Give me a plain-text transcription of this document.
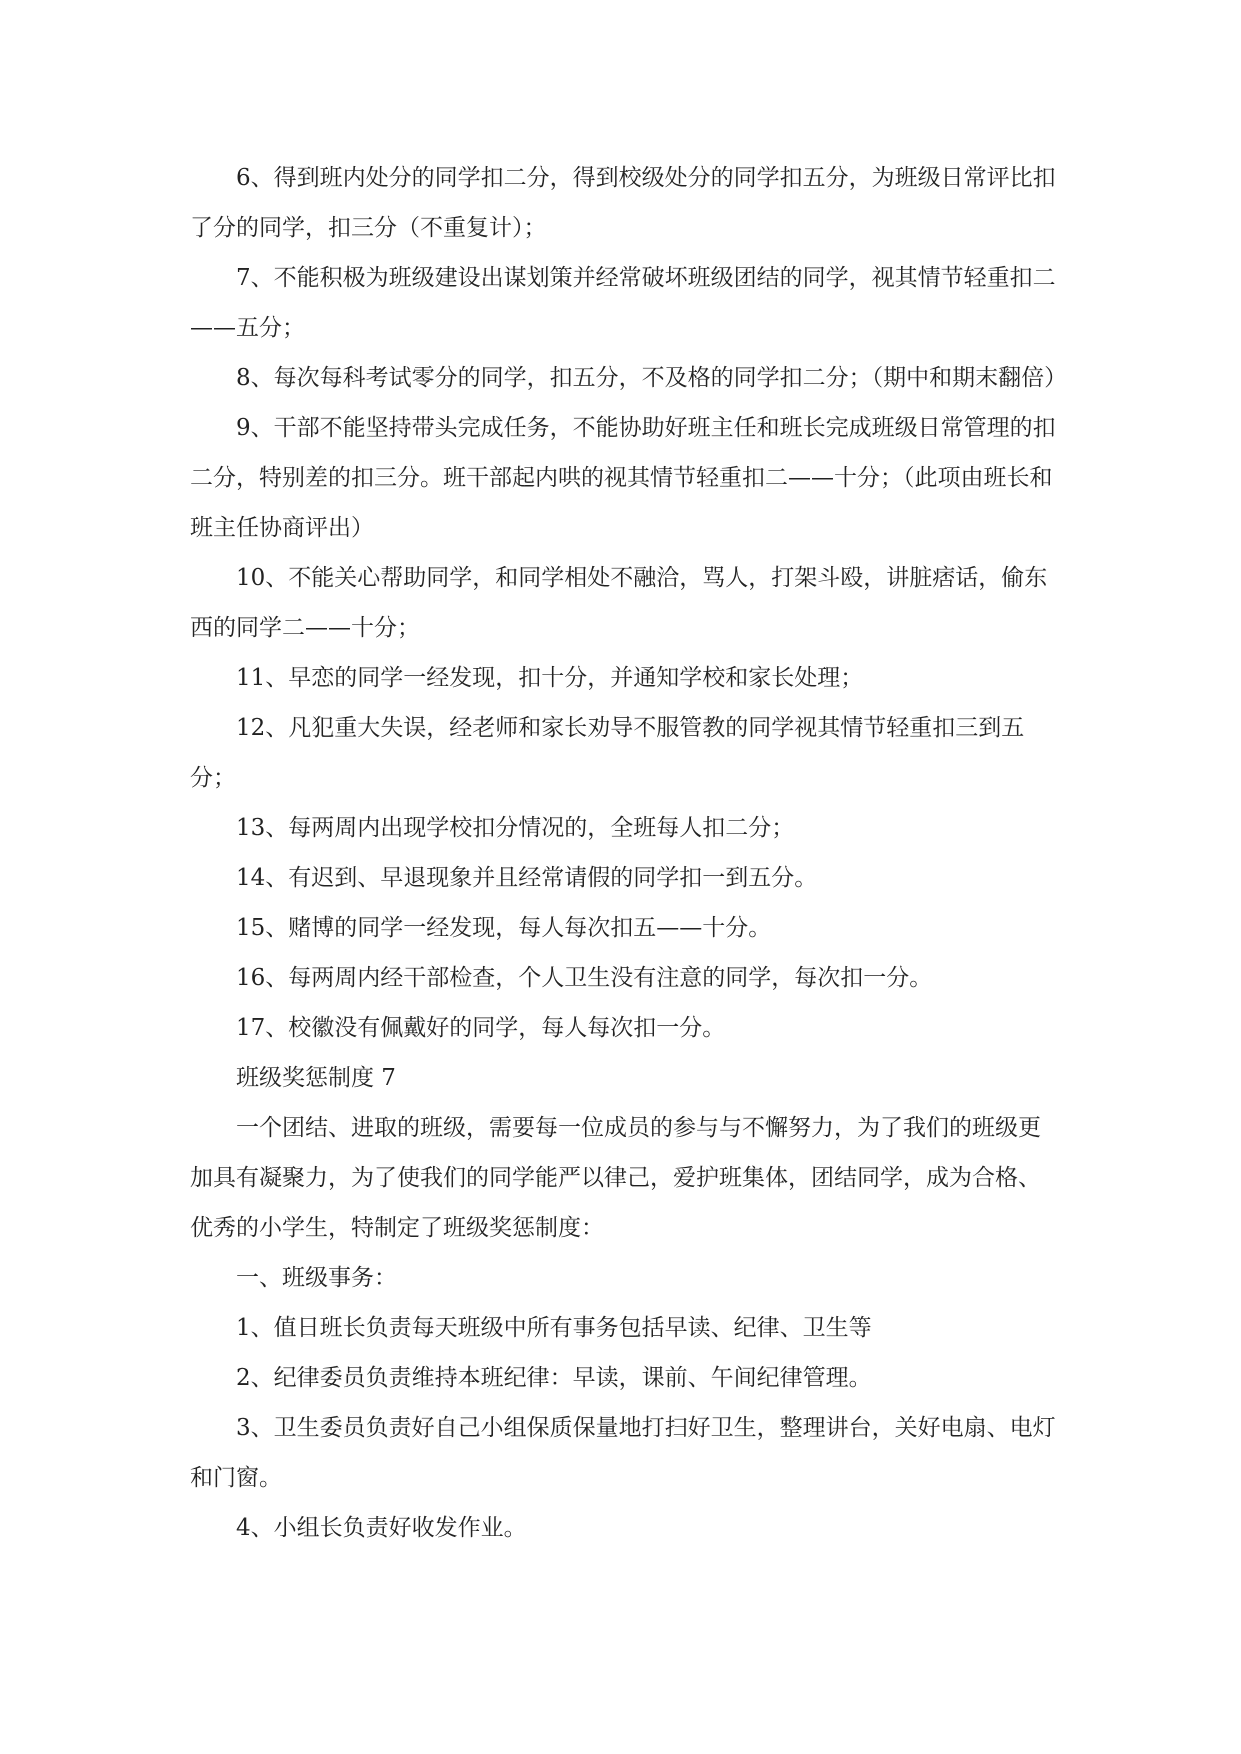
6、得到班内处分的同学扣二分，得到校级处分的同学扣五分，为班级日常评比扣了分的同学，扣三分（不重复计）；

7、不能积极为班级建设出谋划策并经常破坏班级团结的同学，视其情节轻重扣二——五分；

8、每次每科考试零分的同学，扣五分，不及格的同学扣二分；（期中和期末翻倍）

9、干部不能坚持带头完成任务，不能协助好班主任和班长完成班级日常管理的扣二分，特别差的扣三分。班干部起内哄的视其情节轻重扣二——十分；（此项由班长和班主任协商评出）

10、不能关心帮助同学，和同学相处不融洽，骂人，打架斗殴，讲脏痞话，偷东西的同学二——十分；

11、早恋的同学一经发现，扣十分，并通知学校和家长处理；

12、凡犯重大失误，经老师和家长劝导不服管教的同学视其情节轻重扣三到五分；

13、每两周内出现学校扣分情况的，全班每人扣二分；

14、有迟到、早退现象并且经常请假的同学扣一到五分。

15、赌博的同学一经发现，每人每次扣五——十分。

16、每两周内经干部检查，个人卫生没有注意的同学，每次扣一分。

17、校徽没有佩戴好的同学，每人每次扣一分。

班级奖惩制度 7

一个团结、进取的班级，需要每一位成员的参与与不懈努力，为了我们的班级更加具有凝聚力，为了使我们的同学能严以律己，爱护班集体，团结同学，成为合格、优秀的小学生，特制定了班级奖惩制度：

一、班级事务：

1、值日班长负责每天班级中所有事务包括早读、纪律、卫生等

2、纪律委员负责维持本班纪律：早读，课前、午间纪律管理。

3、卫生委员负责好自己小组保质保量地打扫好卫生，整理讲台，关好电扇、电灯和门窗。

4、小组长负责好收发作业。
